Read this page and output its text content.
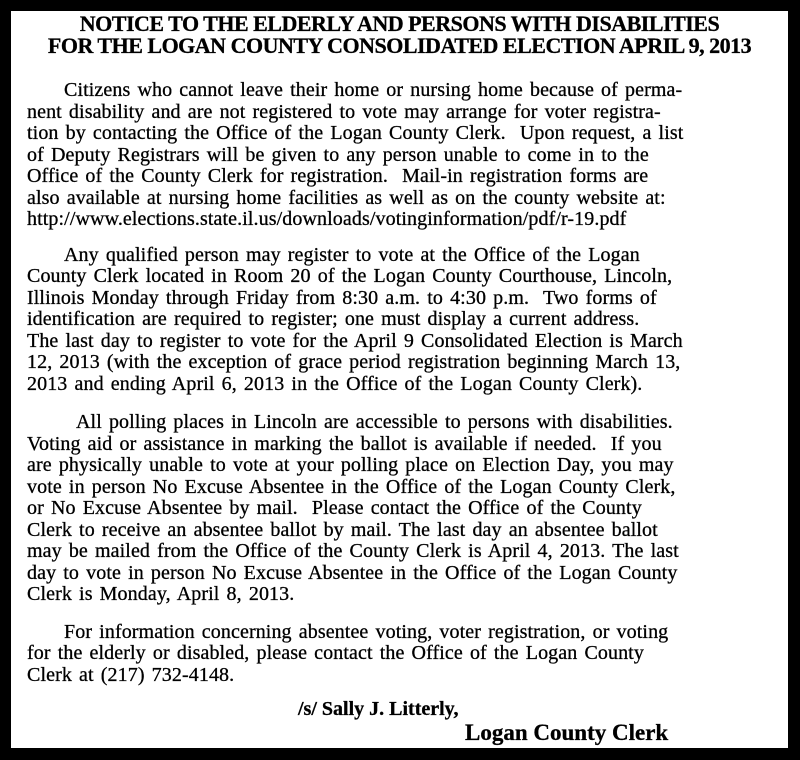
NOTICE TO THE ELDERLY AND PERSONS WITH DISABILITIES
FOR THE LOGAN COUNTY CONSOLIDATED ELECTION APRIL 9, 2013
Citizens who cannot leave their home or nursing home because of perma-
nent disability and are not registered to vote may arrange for voter registra-
tion by contacting the Office of the Logan County Clerk.  Upon request, a list
of Deputy Registrars will be given to any person unable to come in to the
Office of the County Clerk for registration.  Mail-in registration forms are
also available at nursing home facilities as well as on the county website at:
http://www.elections.state.il.us/downloads/votinginformation/pdf/r-19.pdf
Any qualified person may register to vote at the Office of the Logan
County Clerk located in Room 20 of the Logan County Courthouse, Lincoln,
Illinois Monday through Friday from 8:30 a.m. to 4:30 p.m.  Two forms of
identification are required to register; one must display a current address.
The last day to register to vote for the April 9 Consolidated Election is March
12, 2013 (with the exception of grace period registration beginning March 13,
2013 and ending April 6, 2013 in the Office of the Logan County Clerk).
All polling places in Lincoln are accessible to persons with disabilities.
Voting aid or assistance in marking the ballot is available if needed.  If you
are physically unable to vote at your polling place on Election Day, you may
vote in person No Excuse Absentee in the Office of the Logan County Clerk,
or No Excuse Absentee by mail.  Please contact the Office of the County
Clerk to receive an absentee ballot by mail. The last day an absentee ballot
may be mailed from the Office of the County Clerk is April 4, 2013. The last
day to vote in person No Excuse Absentee in the Office of the Logan County
Clerk is Monday, April 8, 2013.
For information concerning absentee voting, voter registration, or voting
for the elderly or disabled, please contact the Office of the Logan County
Clerk at (217) 732-4148.
/s/ Sally J. Litterly,
Logan County Clerk
